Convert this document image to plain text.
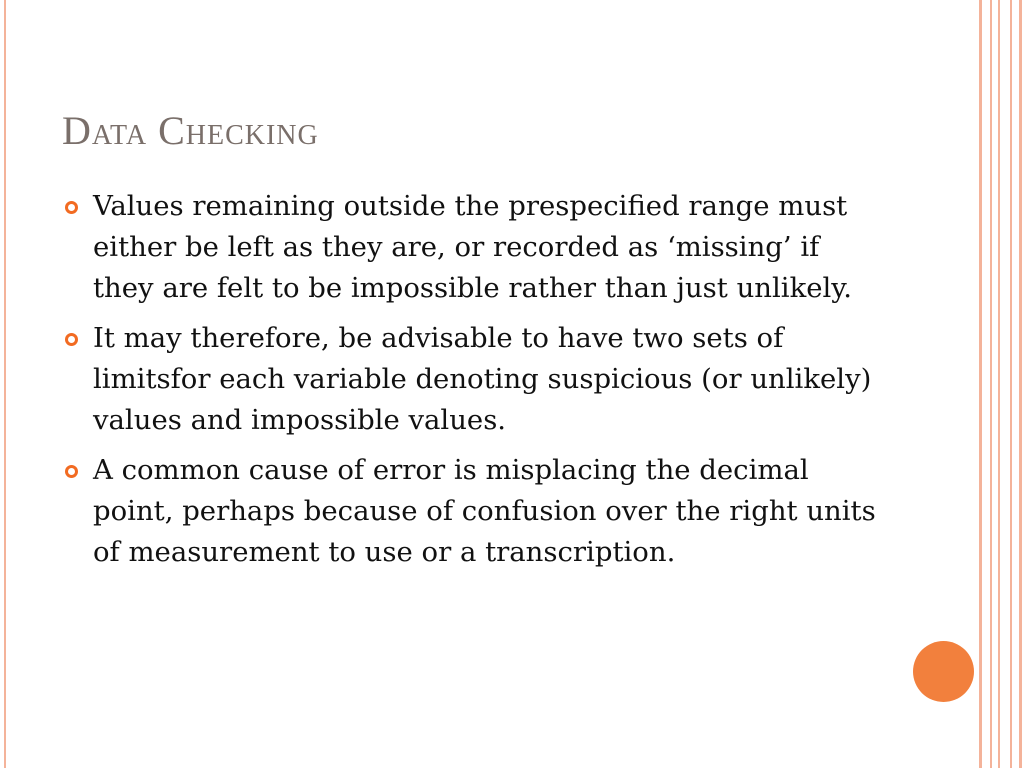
Data Checking
Values remaining outside the prespecified range must either be left as they are, or recorded as ‘missing’ if they are felt to be impossible rather than just unlikely.
It may therefore, be advisable to have two sets of limitsfor each variable denoting suspicious (or unlikely) values and impossible values.
A common cause of error is misplacing the decimal point, perhaps because of confusion over the right units of measurement to use or a transcription.
